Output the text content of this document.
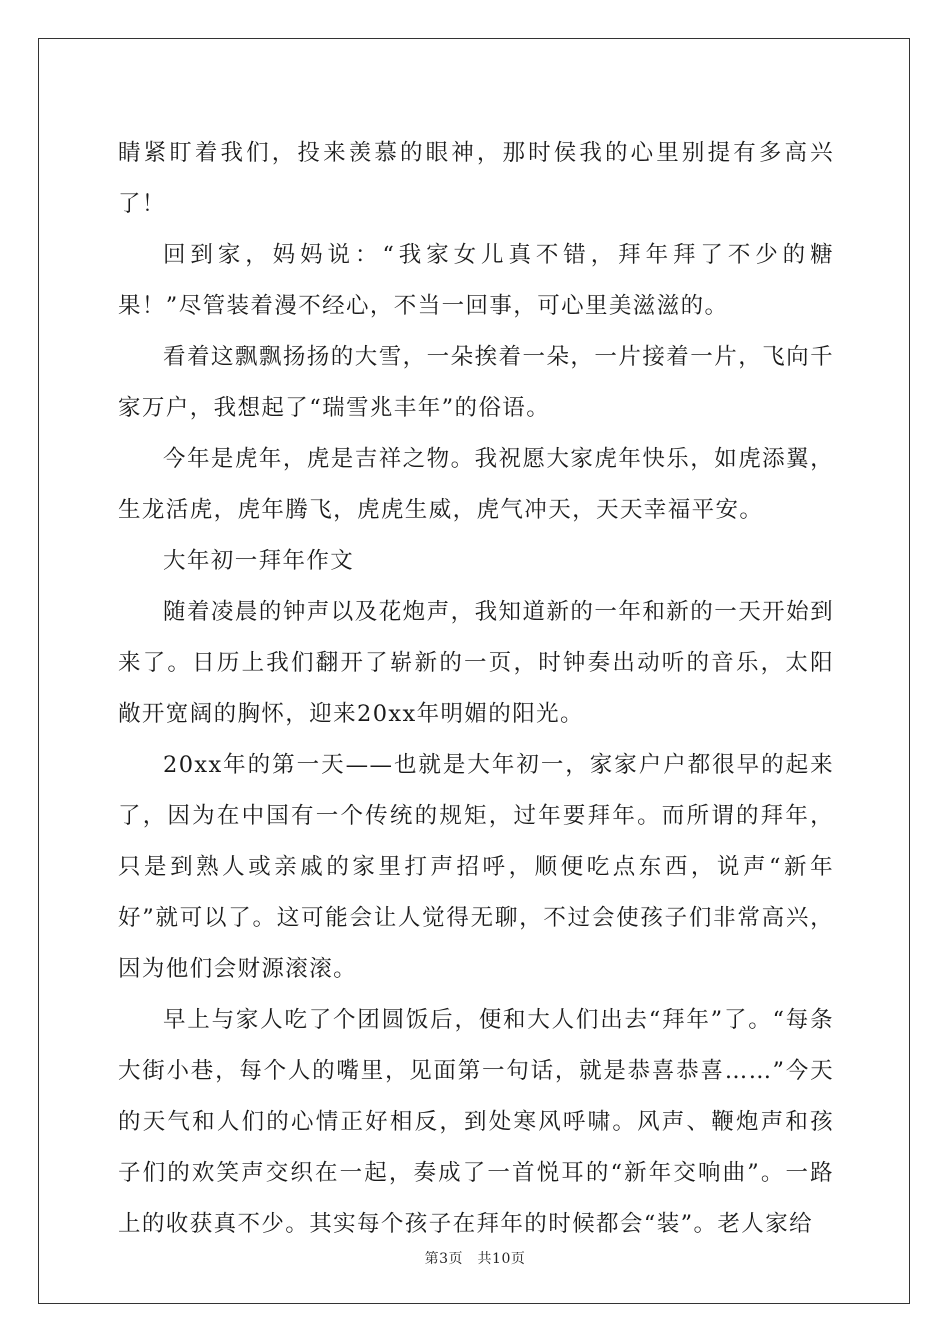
睛紧盯着我们，投来羡慕的眼神，那时侯我的心里别提有多高兴了！

回到家，妈妈说：“我家女儿真不错，拜年拜了不少的糖果！”尽管装着漫不经心，不当一回事，可心里美滋滋的。

看着这飘飘扬扬的大雪，一朵挨着一朵，一片接着一片，飞向千家万户，我想起了“瑞雪兆丰年”的俗语。

今年是虎年，虎是吉祥之物。我祝愿大家虎年快乐，如虎添翼，生龙活虎，虎年腾飞，虎虎生威，虎气冲天，天天幸福平安。

大年初一拜年作文

随着凌晨的钟声以及花炮声，我知道新的一年和新的一天开始到来了。日历上我们翻开了崭新的一页，时钟奏出动听的音乐，太阳敞开宽阔的胸怀，迎来20xx年明媚的阳光。

20xx年的第一天——也就是大年初一，家家户户都很早的起来了，因为在中国有一个传统的规矩，过年要拜年。而所谓的拜年，只是到熟人或亲戚的家里打声招呼，顺便吃点东西，说声“新年好”就可以了。这可能会让人觉得无聊，不过会使孩子们非常高兴，因为他们会财源滚滚。

早上与家人吃了个团圆饭后，便和大人们出去“拜年”了。“每条大街小巷，每个人的嘴里，见面第一句话，就是恭喜恭喜……”今天的天气和人们的心情正好相反，到处寒风呼啸。风声、鞭炮声和孩子们的欢笑声交织在一起，奏成了一首悦耳的“新年交响曲”。一路上的收获真不少。其实每个孩子在拜年的时候都会“装”。老人家给

第3页　共10页
